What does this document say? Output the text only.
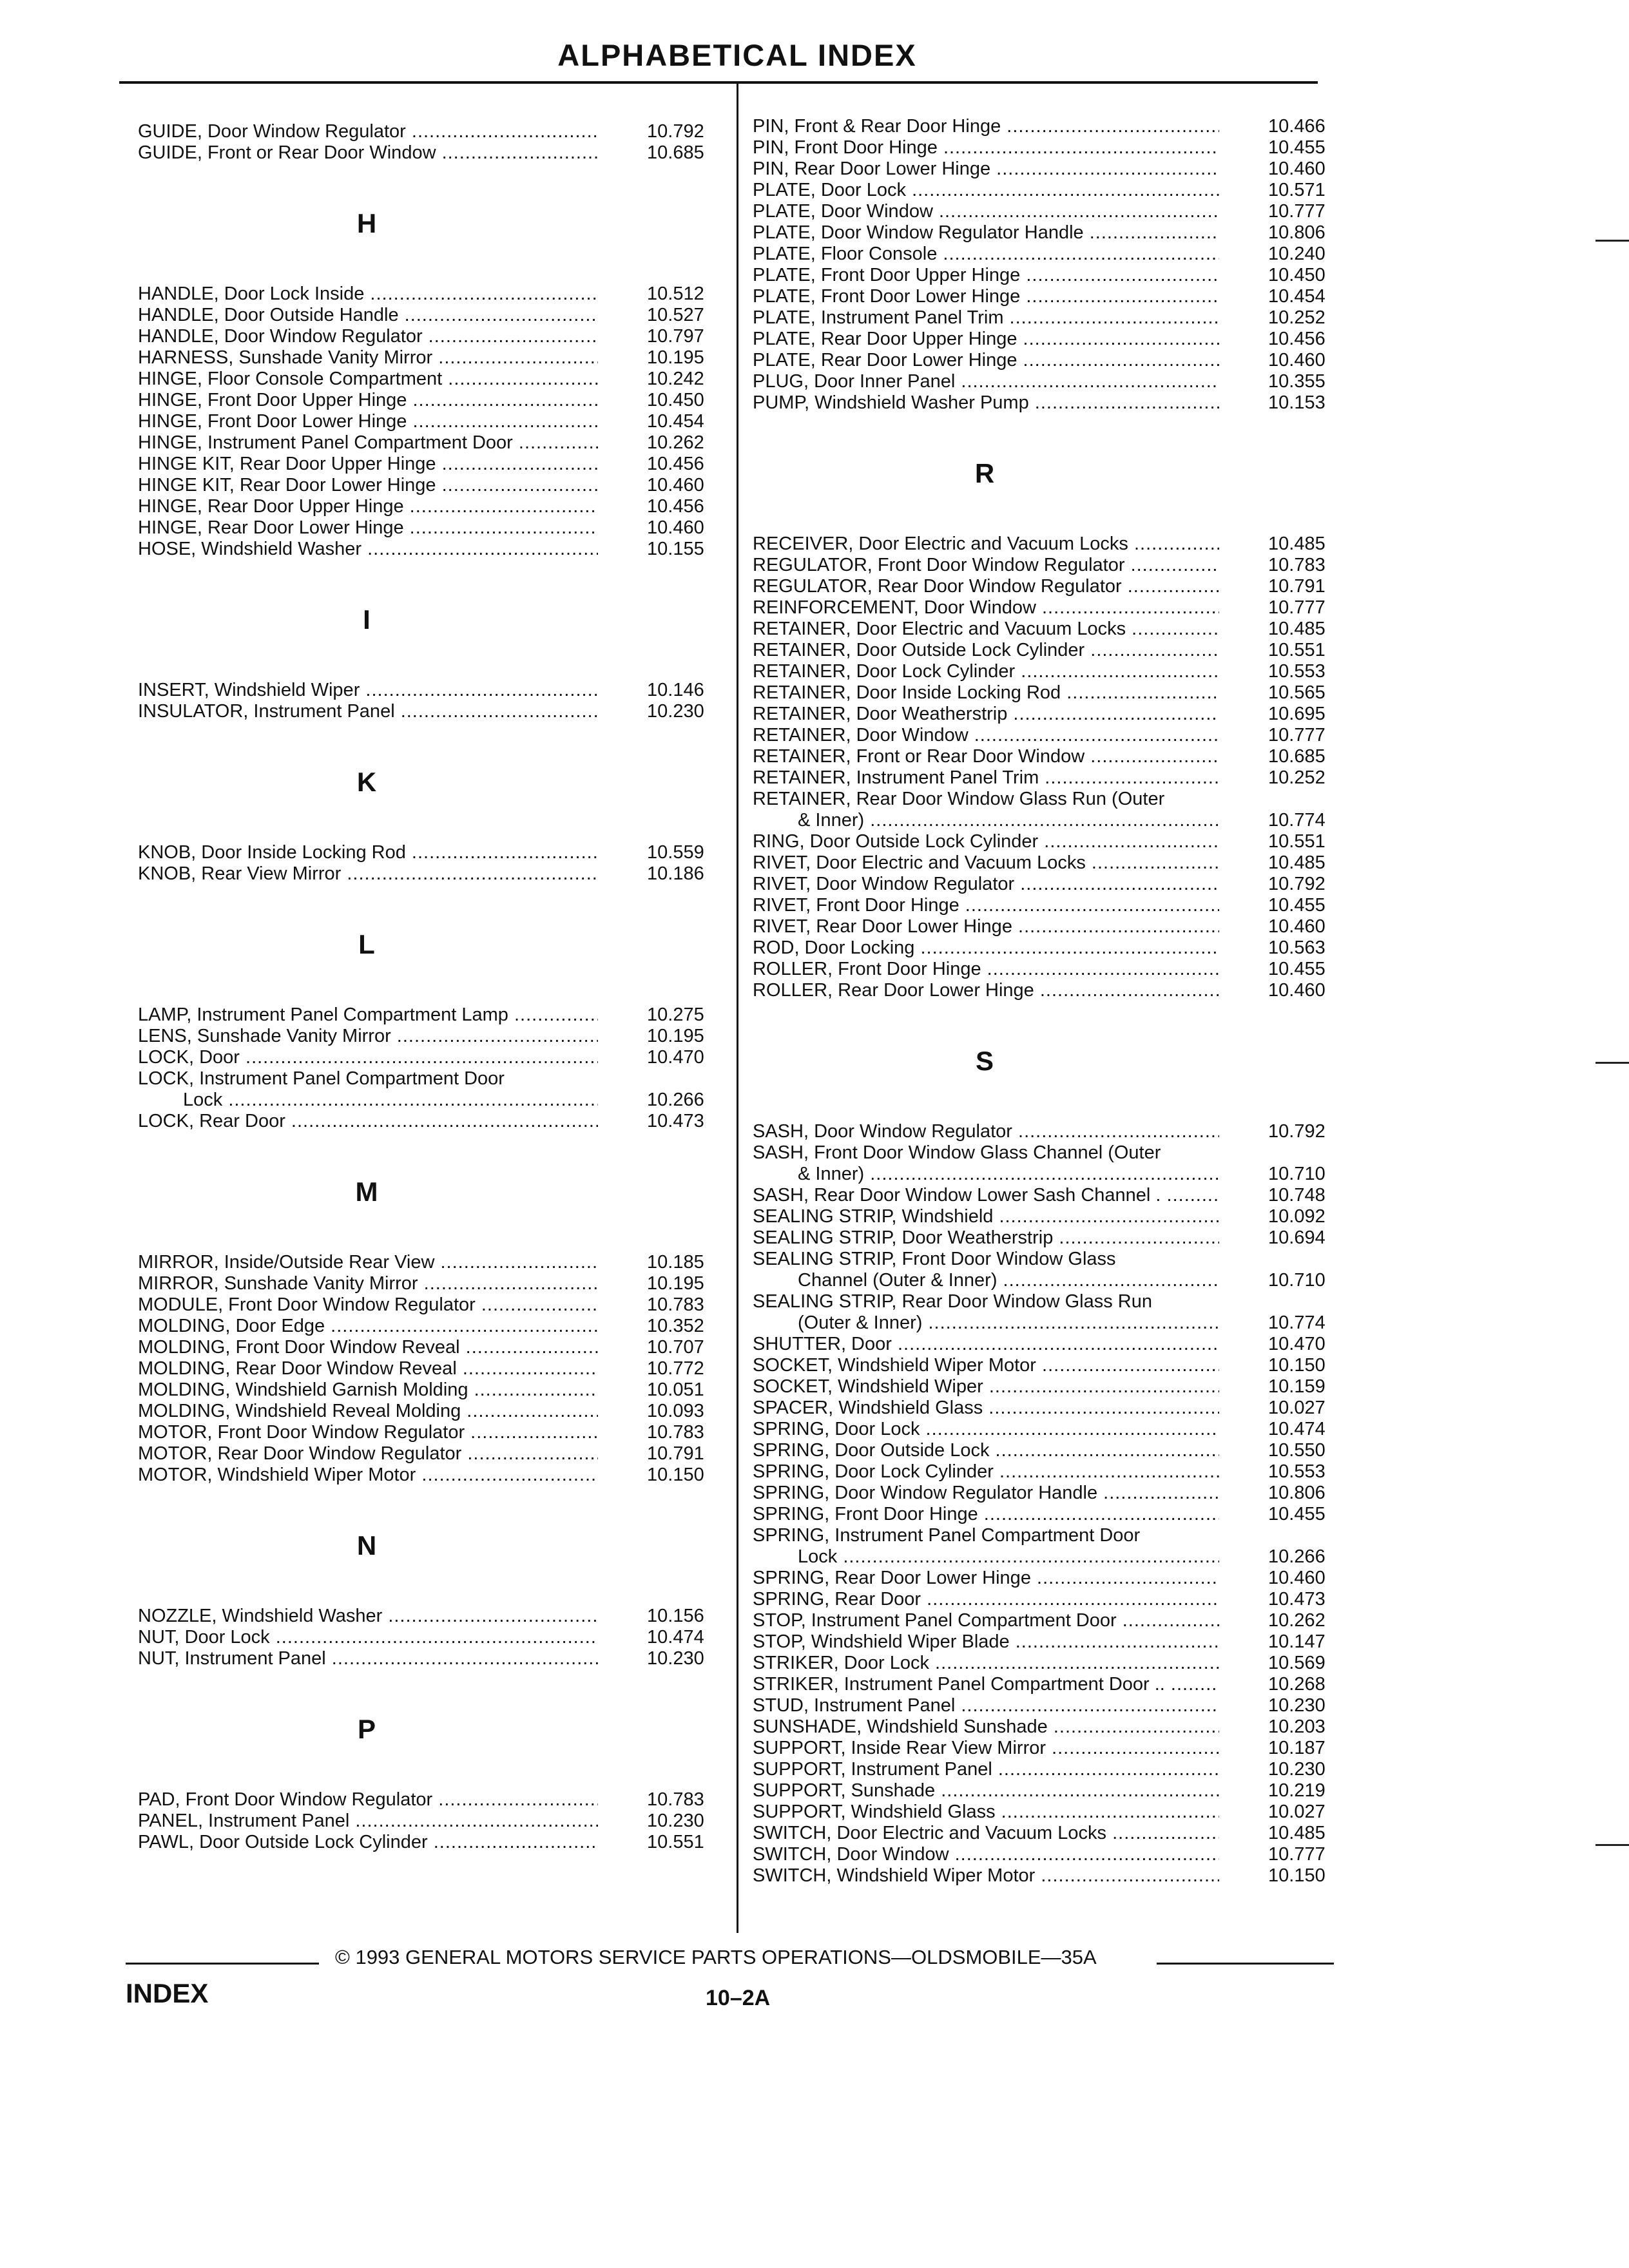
ALPHABETICAL INDEX
GUIDE, Door Window Regulator .....	10.792
GUIDE, Front or Rear Door Window .....	10.685
H
HANDLE, Door Lock Inside .....	10.512
HANDLE, Door Outside Handle .....	10.527
HANDLE, Door Window Regulator .....	10.797
HARNESS, Sunshade Vanity Mirror .....	10.195
HINGE, Floor Console Compartment .....	10.242
HINGE, Front Door Upper Hinge .....	10.450
HINGE, Front Door Lower Hinge .....	10.454
HINGE, Instrument Panel Compartment Door .....	10.262
HINGE KIT, Rear Door Upper Hinge .....	10.456
HINGE KIT, Rear Door Lower Hinge .....	10.460
HINGE, Rear Door Upper Hinge .....	10.456
HINGE, Rear Door Lower Hinge .....	10.460
HOSE, Windshield Washer .....	10.155
I
INSERT, Windshield Wiper .....	10.146
INSULATOR, Instrument Panel .....	10.230
K
KNOB, Door Inside Locking Rod .....	10.559
KNOB, Rear View Mirror .....	10.186
L
LAMP, Instrument Panel Compartment Lamp .....	10.275
LENS, Sunshade Vanity Mirror .....	10.195
LOCK, Door .....	10.470
LOCK, Instrument Panel Compartment Door
Lock .....	10.266
LOCK, Rear Door .....	10.473
M
MIRROR, Inside/Outside Rear View .....	10.185
MIRROR, Sunshade Vanity Mirror .....	10.195
MODULE, Front Door Window Regulator .....	10.783
MOLDING, Door Edge .....	10.352
MOLDING, Front Door Window Reveal .....	10.707
MOLDING, Rear Door Window Reveal .....	10.772
MOLDING, Windshield Garnish Molding .....	10.051
MOLDING, Windshield Reveal Molding .....	10.093
MOTOR, Front Door Window Regulator .....	10.783
MOTOR, Rear Door Window Regulator .....	10.791
MOTOR, Windshield Wiper Motor .....	10.150
N
NOZZLE, Windshield Washer .....	10.156
NUT, Door Lock .....	10.474
NUT, Instrument Panel .....	10.230
P
PAD, Front Door Window Regulator .....	10.783
PANEL, Instrument Panel .....	10.230
PAWL, Door Outside Lock Cylinder .....	10.551
PIN, Front & Rear Door Hinge .....	10.466
PIN, Front Door Hinge .....	10.455
PIN, Rear Door Lower Hinge .....	10.460
PLATE, Door Lock .....	10.571
PLATE, Door Window .....	10.777
PLATE, Door Window Regulator Handle .....	10.806
PLATE, Floor Console .....	10.240
PLATE, Front Door Upper Hinge .....	10.450
PLATE, Front Door Lower Hinge .....	10.454
PLATE, Instrument Panel Trim .....	10.252
PLATE, Rear Door Upper Hinge .....	10.456
PLATE, Rear Door Lower Hinge .....	10.460
PLUG, Door Inner Panel .....	10.355
PUMP, Windshield Washer Pump .....	10.153
R
RECEIVER, Door Electric and Vacuum Locks .....	10.485
REGULATOR, Front Door Window Regulator .....	10.783
REGULATOR, Rear Door Window Regulator .....	10.791
REINFORCEMENT, Door Window .....	10.777
RETAINER, Door Electric and Vacuum Locks .....	10.485
RETAINER, Door Outside Lock Cylinder .....	10.551
RETAINER, Door Lock Cylinder .....	10.553
RETAINER, Door Inside Locking Rod .....	10.565
RETAINER, Door Weatherstrip .....	10.695
RETAINER, Door Window .....	10.777
RETAINER, Front or Rear Door Window .....	10.685
RETAINER, Instrument Panel Trim .....	10.252
RETAINER, Rear Door Window Glass Run (Outer
& Inner) .....	10.774
RING, Door Outside Lock Cylinder .....	10.551
RIVET, Door Electric and Vacuum Locks .....	10.485
RIVET, Door Window Regulator .....	10.792
RIVET, Front Door Hinge .....	10.455
RIVET, Rear Door Lower Hinge .....	10.460
ROD, Door Locking .....	10.563
ROLLER, Front Door Hinge .....	10.455
ROLLER, Rear Door Lower Hinge .....	10.460
S
SASH, Door Window Regulator .....	10.792
SASH, Front Door Window Glass Channel (Outer
& Inner) .....	10.710
SASH, Rear Door Window Lower Sash Channel . .....	10.748
SEALING STRIP, Windshield .....	10.092
SEALING STRIP, Door Weatherstrip .....	10.694
SEALING STRIP, Front Door Window Glass
Channel (Outer & Inner) .....	10.710
SEALING STRIP, Rear Door Window Glass Run
(Outer & Inner) .....	10.774
SHUTTER, Door .....	10.470
SOCKET, Windshield Wiper Motor .....	10.150
SOCKET, Windshield Wiper .....	10.159
SPACER, Windshield Glass .....	10.027
SPRING, Door Lock .....	10.474
SPRING, Door Outside Lock .....	10.550
SPRING, Door Lock Cylinder .....	10.553
SPRING, Door Window Regulator Handle .....	10.806
SPRING, Front Door Hinge .....	10.455
SPRING, Instrument Panel Compartment Door
Lock .....	10.266
SPRING, Rear Door Lower Hinge .....	10.460
SPRING, Rear Door .....	10.473
STOP, Instrument Panel Compartment Door .....	10.262
STOP, Windshield Wiper Blade .....	10.147
STRIKER, Door Lock .....	10.569
STRIKER, Instrument Panel Compartment Door .. .....	10.268
STUD, Instrument Panel .....	10.230
SUNSHADE, Windshield Sunshade .....	10.203
SUPPORT, Inside Rear View Mirror .....	10.187
SUPPORT, Instrument Panel .....	10.230
SUPPORT, Sunshade .....	10.219
SUPPORT, Windshield Glass .....	10.027
SWITCH, Door Electric and Vacuum Locks .....	10.485
SWITCH, Door Window .....	10.777
SWITCH, Windshield Wiper Motor .....	10.150
© 1993 GENERAL MOTORS SERVICE PARTS OPERATIONS—OLDSMOBILE—35A
INDEX	10–2A
